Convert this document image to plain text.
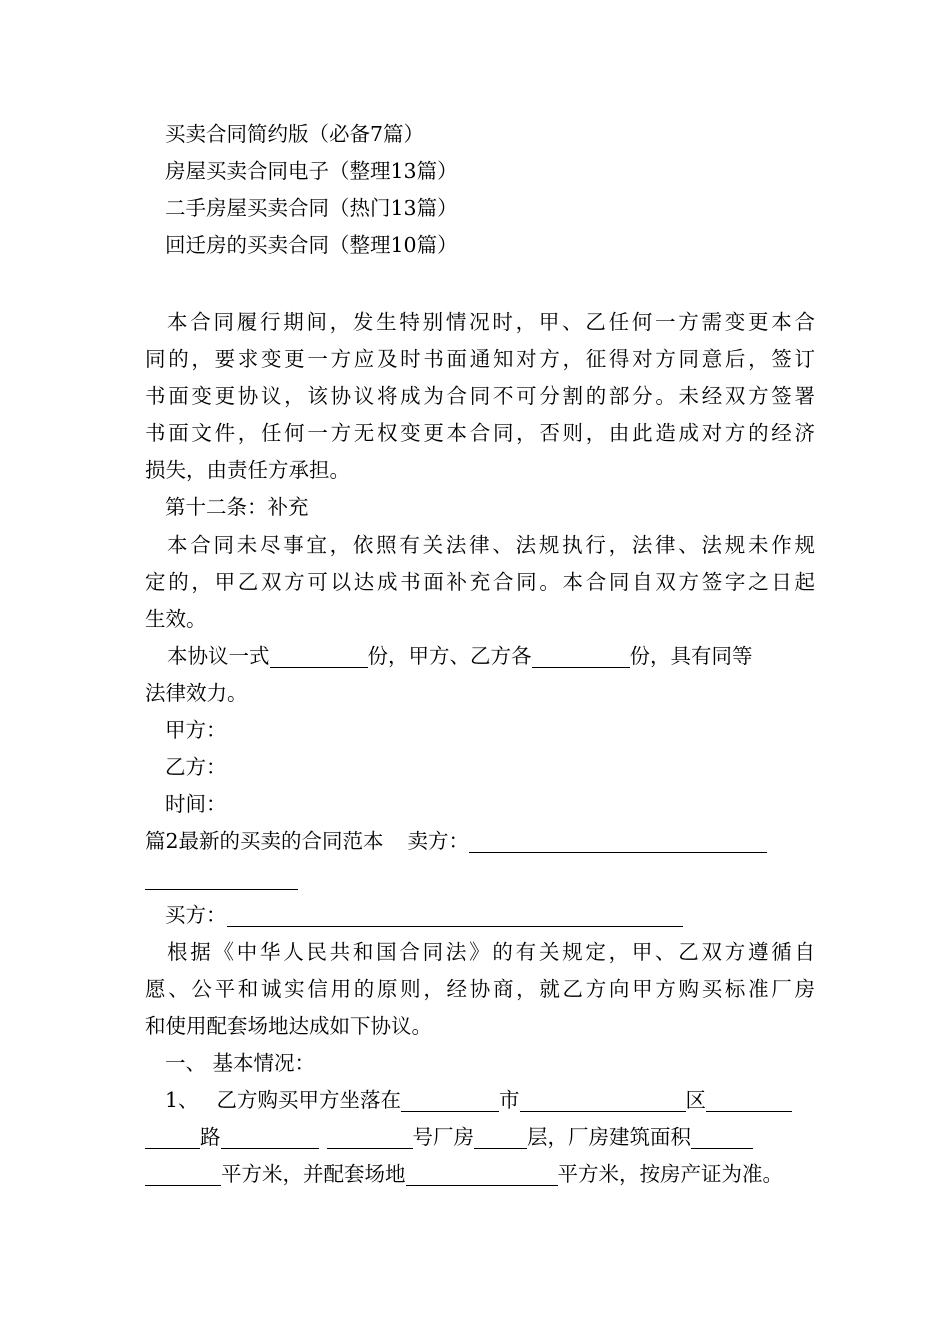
买卖合同简约版（必备7篇）
房屋买卖合同电子（整理13篇）
二手房屋买卖合同（热门13篇）
回迁房的买卖合同（整理10篇）
本合同履行期间，发生特别情况时，甲、乙任何一方需变更本合
同的，要求变更一方应及时书面通知对方，征得对方同意后，签订
书面变更协议，该协议将成为合同不可分割的部分。未经双方签署
书面文件，任何一方无权变更本合同，否则，由此造成对方的经济
损失，由责任方承担。
第十二条：补充
本合同未尽事宜，依照有关法律、法规执行，法律、法规未作规
定的，甲乙双方可以达成书面补充合同。本合同自双方签字之日起
生效。
本协议一式	份，甲方、乙方各	份，具有同等
法律效力。
甲方：
乙方：
时间：
篇2最新的买卖的合同范本 卖方：
买方：
根据《中华人民共和国合同法》的有关规定，甲、乙双方遵循自
愿、公平和诚实信用的原则，经协商，就乙方向甲方购买标准厂房
和使用配套场地达成如下协议。
一、 基本情况：
1、 乙方购买甲方坐落在	市	区
路	号厂房	层，厂房建筑面积
平方米，并配套场地	平方米，按房产证为准。
